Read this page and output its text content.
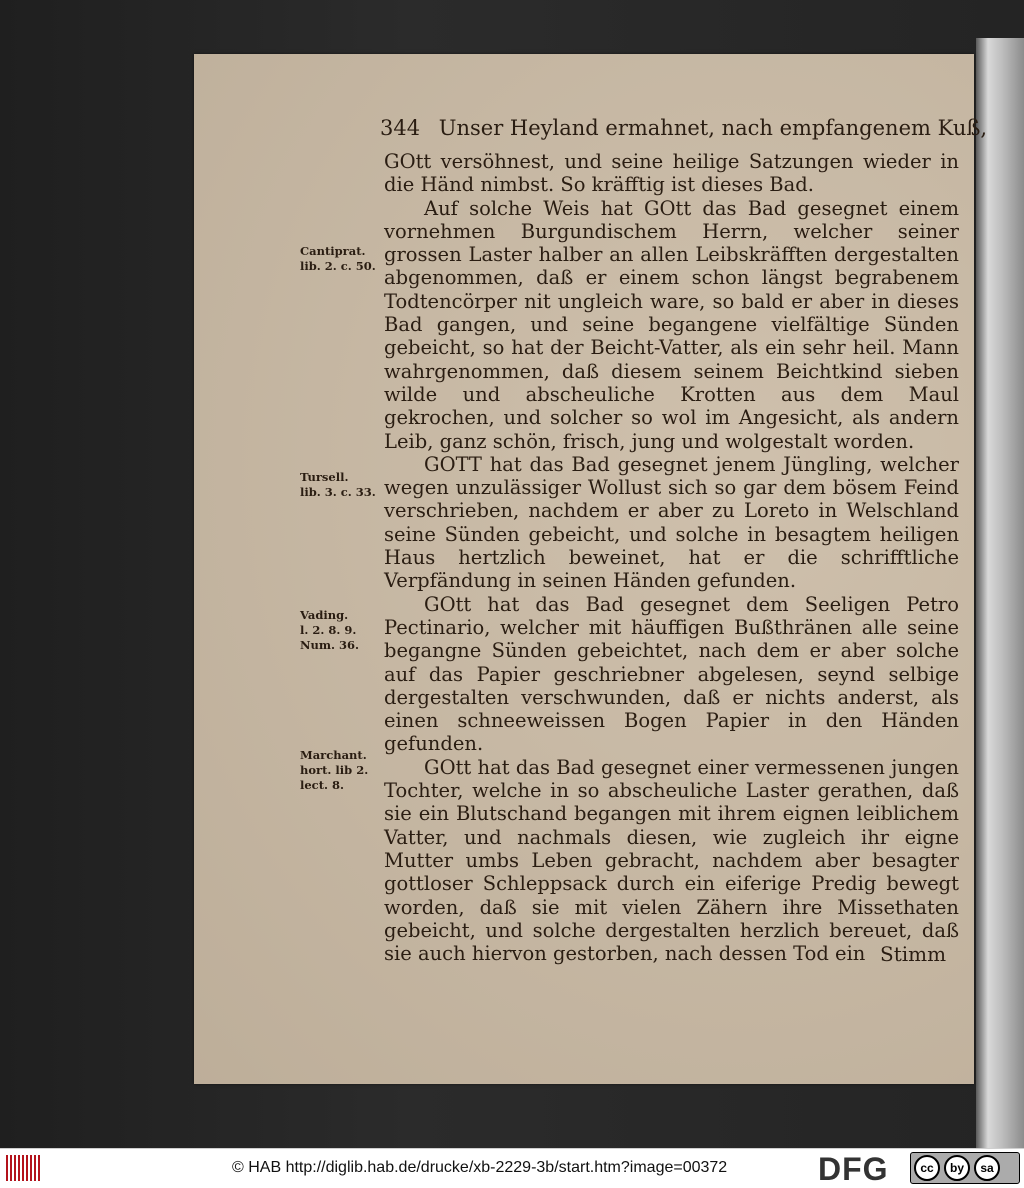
344 Unser Heyland ermahnet, nach empfangenem Kuß,

GOtt versöhnest, und seine heilige Satzungen wieder in die Händ nimbst. So kräfftig ist dieses Bad.

Auf solche Weis hat GOtt das Bad gesegnet einem vornehmen Burgundischem Herrn, welcher seiner grossen Laster halber an allen Leibskräfften dergestalten abgenommen, daß er einem schon längst begrabenem Todtencörper nit ungleich ware, so bald er aber in dieses Bad gangen, und seine begangene vielfältige Sünden gebeicht, so hat der Beicht-Vatter, als ein sehr heil. Mann wahrgenommen, daß diesem seinem Beichtkind sieben wilde und abscheuliche Krotten aus dem Maul gekrochen, und solcher so wol im Angesicht, als andern Leib, ganz schön, frisch, jung und wolgestalt worden.

GOTT hat das Bad gesegnet jenem Jüngling, welcher wegen unzulässiger Wollust sich so gar dem bösem Feind verschrieben, nachdem er aber zu Loreto in Welschland seine Sünden gebeicht, und solche in besagtem heiligen Haus hertzlich beweinet, hat er die schrifftliche Verpfändung in seinen Händen gefunden.

GOtt hat das Bad gesegnet dem Seeligen Petro Pectinario, welcher mit häuffigen Bußthränen alle seine begangne Sünden gebeichtet, nach dem er aber solche auf das Papier geschriebner abgelesen, seynd selbige dergestalten verschwunden, daß er nichts anderst, als einen schneeweissen Bogen Papier in den Händen gefunden.

GOtt hat das Bad gesegnet einer vermessenen jungen Tochter, welche in so abscheuliche Laster gerathen, daß sie ein Blutschand begangen mit ihrem eignen leiblichem Vatter, und nachmals diesen, wie zugleich ihr eigne Mutter umbs Leben gebracht, nachdem aber besagter gottloser Schleppsack durch ein eiferige Predig bewegt worden, daß sie mit vielen Zähern ihre Missethaten gebeicht, und solche dergestalten herzlich bereuet, daß sie auch hiervon gestorben, nach dessen Tod ein Stimm
Cantiprat.
lib. 2. c. 50.
Tursell.
lib. 3. c. 33.
Vading.
l. 2. 8. 9.
Num. 36.
Marchant.
hort. lib 2.
lect. 8.
© HAB http://diglib.hab.de/drucke/xb-2229-3b/start.htm?image=00372	DFG	cc	by	sa
